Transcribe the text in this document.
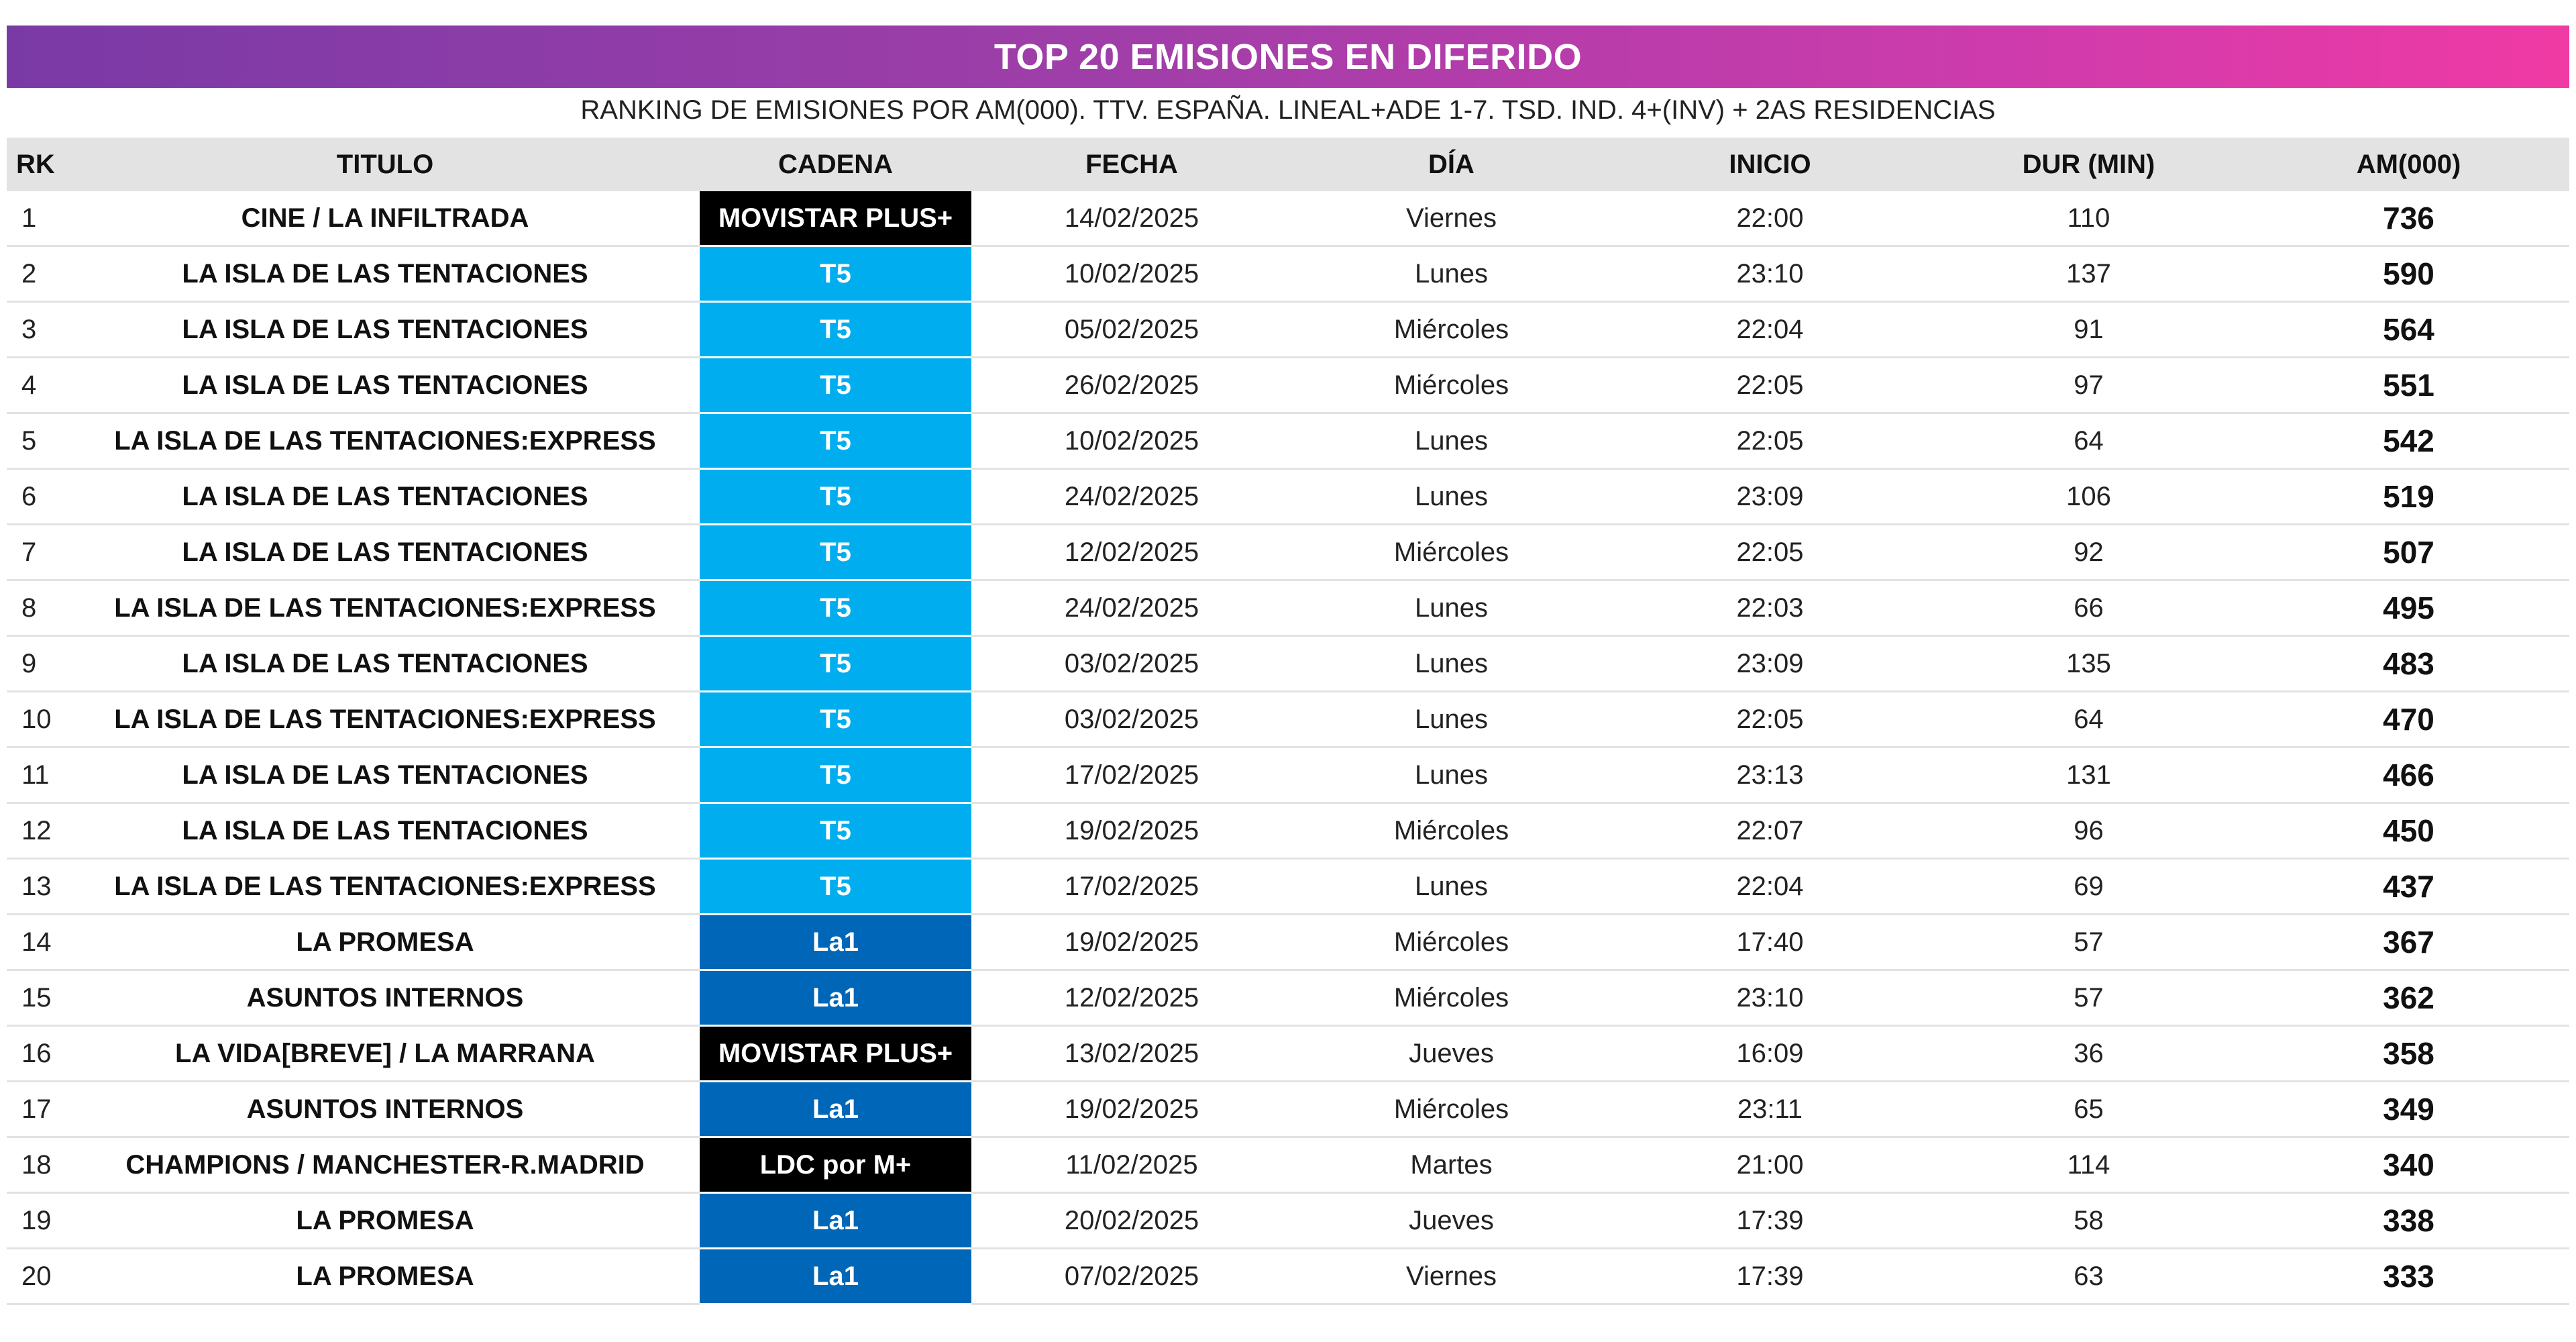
TOP 20 EMISIONES EN DIFERIDO
RANKING DE EMISIONES POR AM(000). TTV. ESPAÑA. LINEAL+ADE 1-7. TSD. IND. 4+(INV) + 2AS RESIDENCIAS
RK	TITULO	CADENA	FECHA	DÍA	INICIO	DUR (MIN)	AM(000)
1	CINE / LA INFILTRADA	MOVISTAR PLUS+	14/02/2025	Viernes	22:00	110	736
2	LA ISLA DE LAS TENTACIONES	T5	10/02/2025	Lunes	23:10	137	590
3	LA ISLA DE LAS TENTACIONES	T5	05/02/2025	Miércoles	22:04	91	564
4	LA ISLA DE LAS TENTACIONES	T5	26/02/2025	Miércoles	22:05	97	551
5	LA ISLA DE LAS TENTACIONES:EXPRESS	T5	10/02/2025	Lunes	22:05	64	542
6	LA ISLA DE LAS TENTACIONES	T5	24/02/2025	Lunes	23:09	106	519
7	LA ISLA DE LAS TENTACIONES	T5	12/02/2025	Miércoles	22:05	92	507
8	LA ISLA DE LAS TENTACIONES:EXPRESS	T5	24/02/2025	Lunes	22:03	66	495
9	LA ISLA DE LAS TENTACIONES	T5	03/02/2025	Lunes	23:09	135	483
10	LA ISLA DE LAS TENTACIONES:EXPRESS	T5	03/02/2025	Lunes	22:05	64	470
11	LA ISLA DE LAS TENTACIONES	T5	17/02/2025	Lunes	23:13	131	466
12	LA ISLA DE LAS TENTACIONES	T5	19/02/2025	Miércoles	22:07	96	450
13	LA ISLA DE LAS TENTACIONES:EXPRESS	T5	17/02/2025	Lunes	22:04	69	437
14	LA PROMESA	La1	19/02/2025	Miércoles	17:40	57	367
15	ASUNTOS INTERNOS	La1	12/02/2025	Miércoles	23:10	57	362
16	LA VIDA[BREVE] / LA MARRANA	MOVISTAR PLUS+	13/02/2025	Jueves	16:09	36	358
17	ASUNTOS INTERNOS	La1	19/02/2025	Miércoles	23:11	65	349
18	CHAMPIONS / MANCHESTER-R.MADRID	LDC por M+	11/02/2025	Martes	21:00	114	340
19	LA PROMESA	La1	20/02/2025	Jueves	17:39	58	338
20	LA PROMESA	La1	07/02/2025	Viernes	17:39	63	333
